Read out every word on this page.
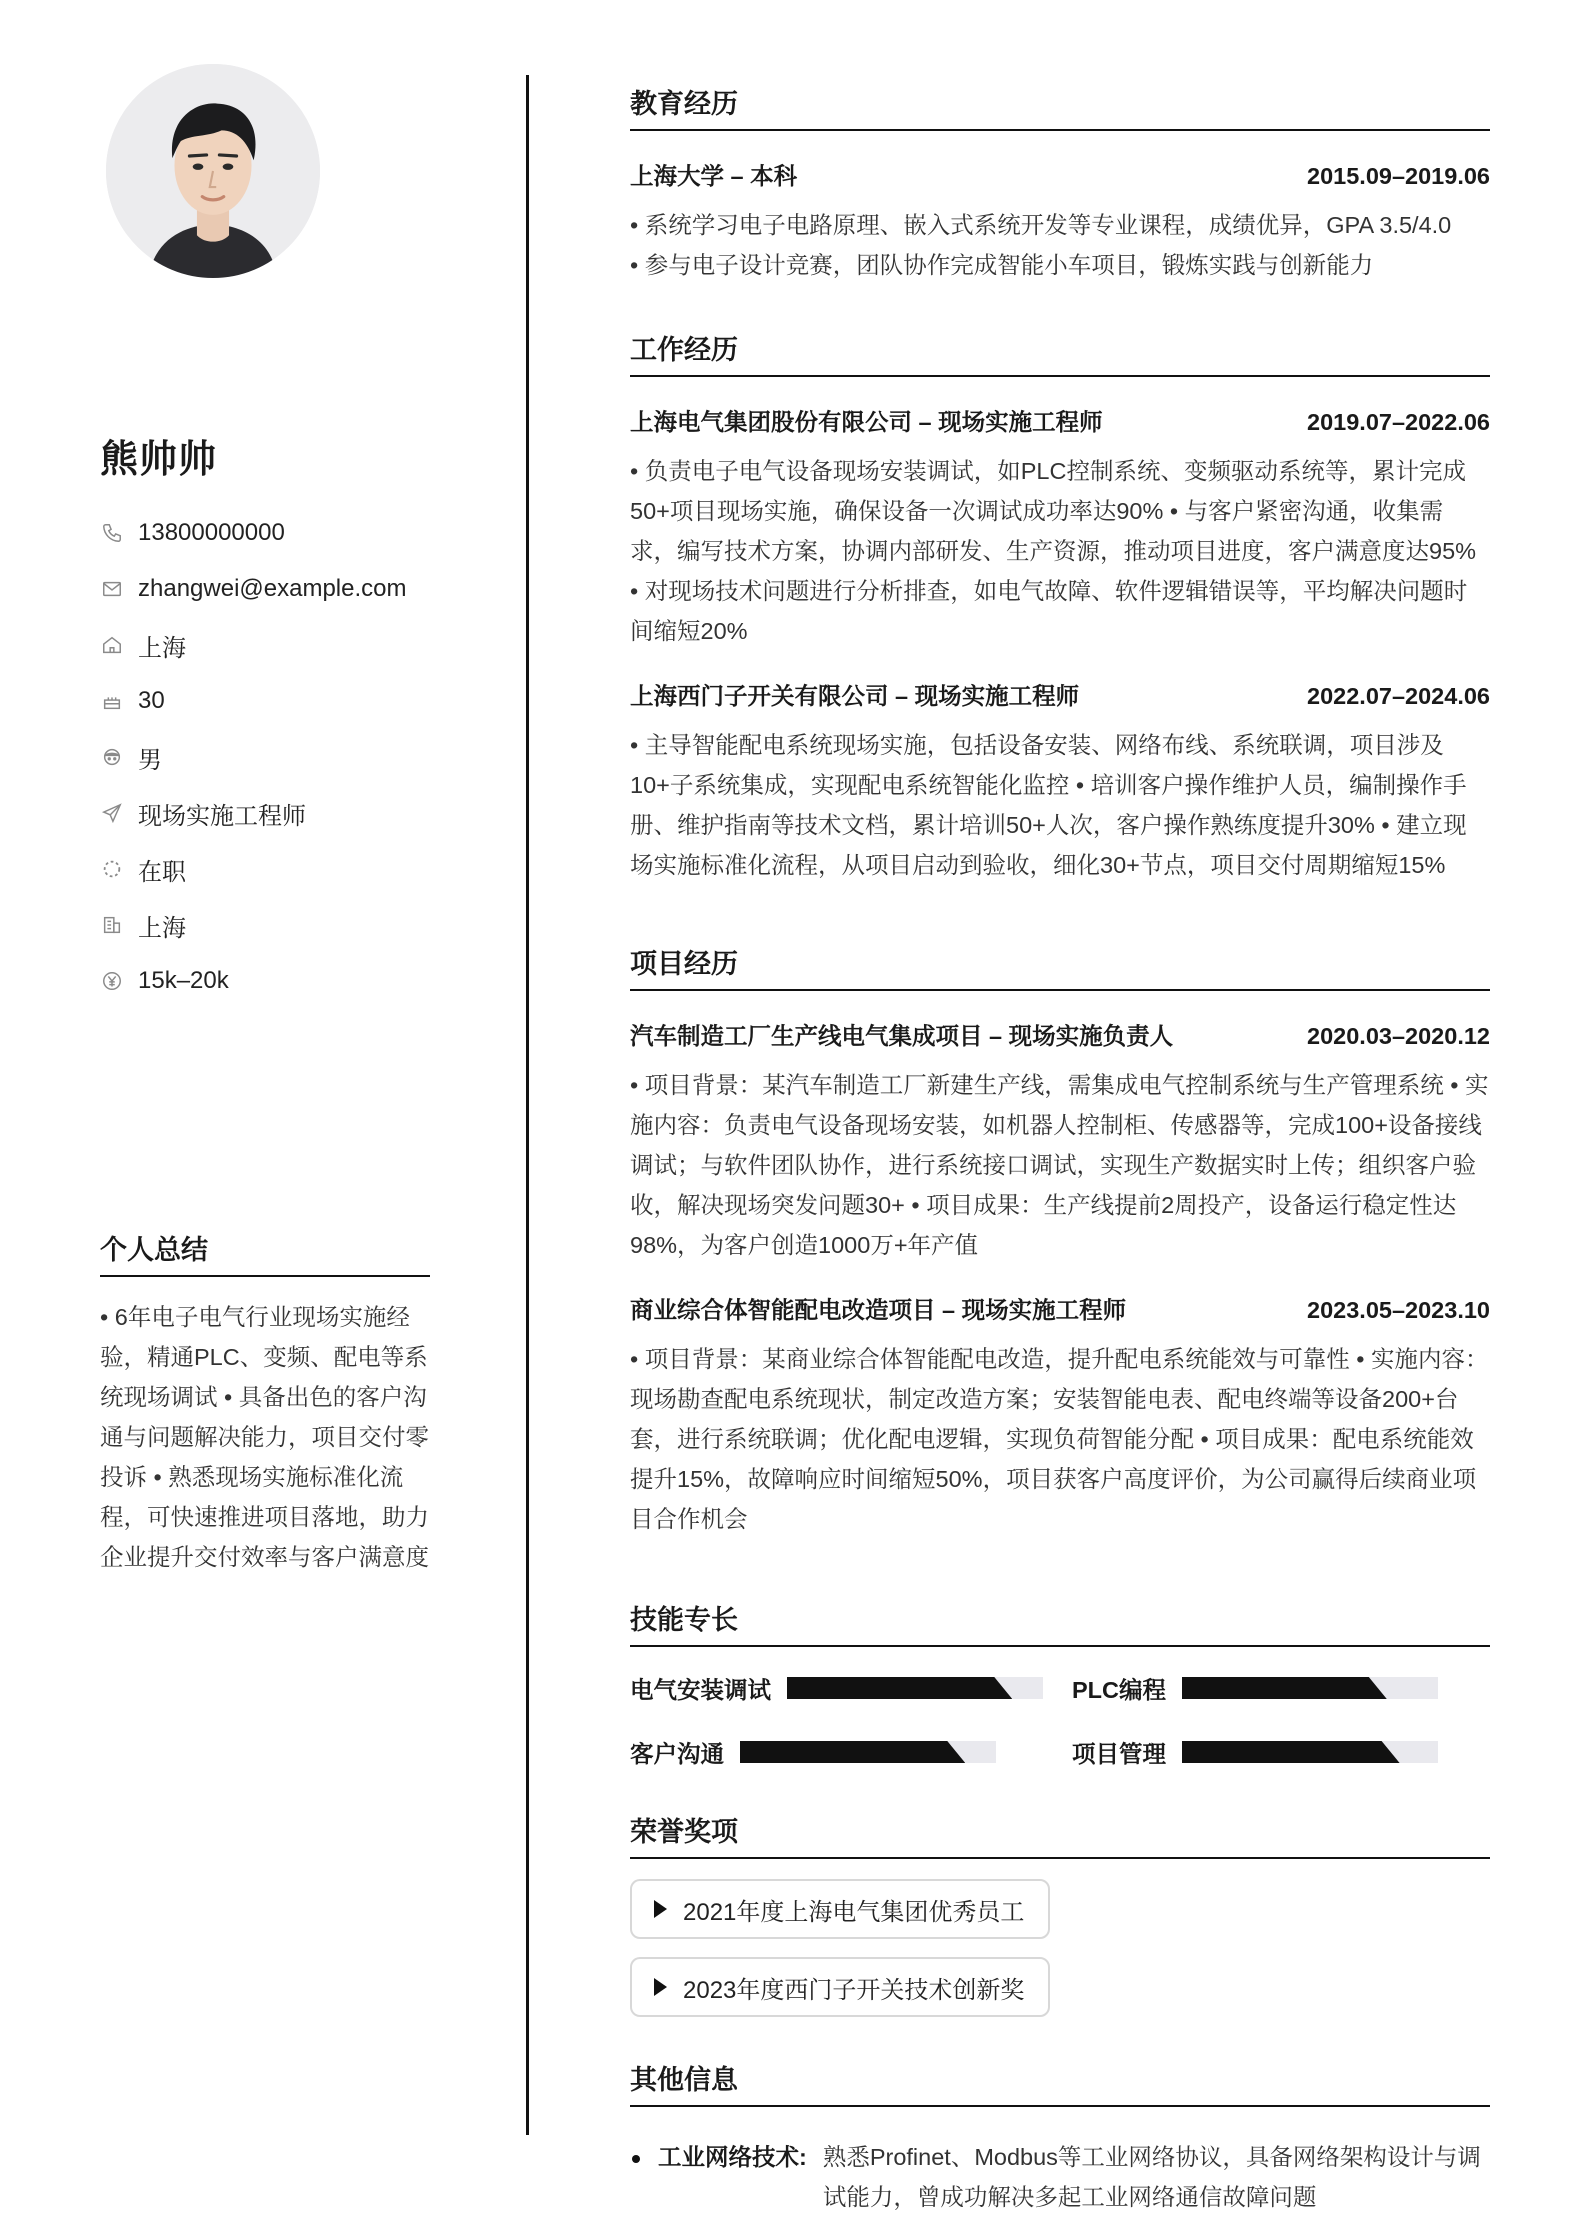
熊帅帅
13800000000
zhangwei@example.com
上海
30
男
现场实施工程师
在职
上海
15k–20k
个人总结
• 6年电子电气行业现场实施经验，精通PLC、变频、配电等系统现场调试 • 具备出色的客户沟通与问题解决能力，项目交付零投诉 • 熟悉现场实施标准化流程，可快速推进项目落地，助力企业提升交付效率与客户满意度
教育经历
上海大学 – 本科	2015.09–2019.06
• 系统学习电子电路原理、嵌入式系统开发等专业课程，成绩优异，GPA 3.5/4.0
• 参与电子设计竞赛，团队协作完成智能小车项目，锻炼实践与创新能力
工作经历
上海电气集团股份有限公司 – 现场实施工程师	2019.07–2022.06
• 负责电子电气设备现场安装调试，如PLC控制系统、变频驱动系统等，累计完成50+项目现场实施，确保设备一次调试成功率达90% • 与客户紧密沟通，收集需求，编写技术方案，协调内部研发、生产资源，推动项目进度，客户满意度达95% • 对现场技术问题进行分析排查，如电气故障、软件逻辑错误等，平均解决问题时间缩短20%
上海西门子开关有限公司 – 现场实施工程师	2022.07–2024.06
• 主导智能配电系统现场实施，包括设备安装、网络布线、系统联调，项目涉及10+子系统集成，实现配电系统智能化监控 • 培训客户操作维护人员，编制操作手册、维护指南等技术文档，累计培训50+人次，客户操作熟练度提升30% • 建立现场实施标准化流程，从项目启动到验收，细化30+节点，项目交付周期缩短15%
项目经历
汽车制造工厂生产线电气集成项目 – 现场实施负责人	2020.03–2020.12
• 项目背景：某汽车制造工厂新建生产线，需集成电气控制系统与生产管理系统 • 实施内容：负责电气设备现场安装，如机器人控制柜、传感器等，完成100+设备接线调试；与软件团队协作，进行系统接口调试，实现生产数据实时上传；组织客户验收，解决现场突发问题30+ • 项目成果：生产线提前2周投产，设备运行稳定性达98%，为客户创造1000万+年产值
商业综合体智能配电改造项目 – 现场实施工程师	2023.05–2023.10
• 项目背景：某商业综合体智能配电改造，提升配电系统能效与可靠性 • 实施内容：现场勘查配电系统现状，制定改造方案；安装智能电表、配电终端等设备200+台套，进行系统联调；优化配电逻辑，实现负荷智能分配 • 项目成果：配电系统能效提升15%，故障响应时间缩短50%，项目获客户高度评价，为公司赢得后续商业项目合作机会
技能专长
电气安装调试	PLC编程
客户沟通	项目管理
荣誉奖项
2021年度上海电气集团优秀员工
2023年度西门子开关技术创新奖
其他信息
工业网络技术: 熟悉Profinet、Modbus等工业网络协议，具备网络架构设计与调试能力，曾成功解决多起工业网络通信故障问题
